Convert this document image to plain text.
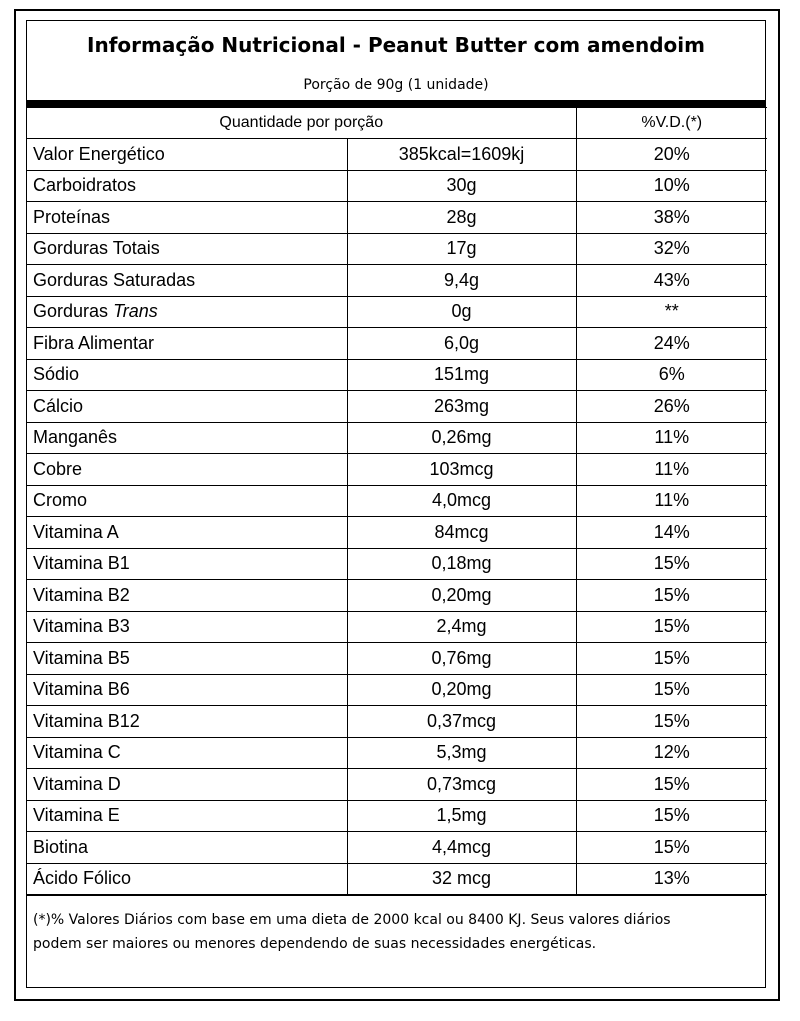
Informação Nutricional - Peanut Butter com amendoim
Porção de 90g (1 unidade)
Quantidade por porção		%V.D.(*)
Valor Energético	385kcal=1609kj	20%
Carboidratos	30g	10%
Proteínas	28g	38%
Gorduras Totais	17g	32%
Gorduras Saturadas	9,4g	43%
Gorduras Trans	0g	**
Fibra Alimentar	6,0g	24%
Sódio	151mg	6%
Cálcio	263mg	26%
Manganês	0,26mg	11%
Cobre	103mcg	11%
Cromo	4,0mcg	11%
Vitamina A	84mcg	14%
Vitamina B1	0,18mg	15%
Vitamina B2	0,20mg	15%
Vitamina B3	2,4mg	15%
Vitamina B5	0,76mg	15%
Vitamina B6	0,20mg	15%
Vitamina B12	0,37mcg	15%
Vitamina C	5,3mg	12%
Vitamina D	0,73mcg	15%
Vitamina E	1,5mg	15%
Biotina	4,4mcg	15%
Ácido Fólico	32 mcg	13%
(*)% Valores Diários com base em uma dieta de 2000 kcal ou 8400 KJ. Seus valores diários
podem ser maiores ou menores dependendo de suas necessidades energéticas.
